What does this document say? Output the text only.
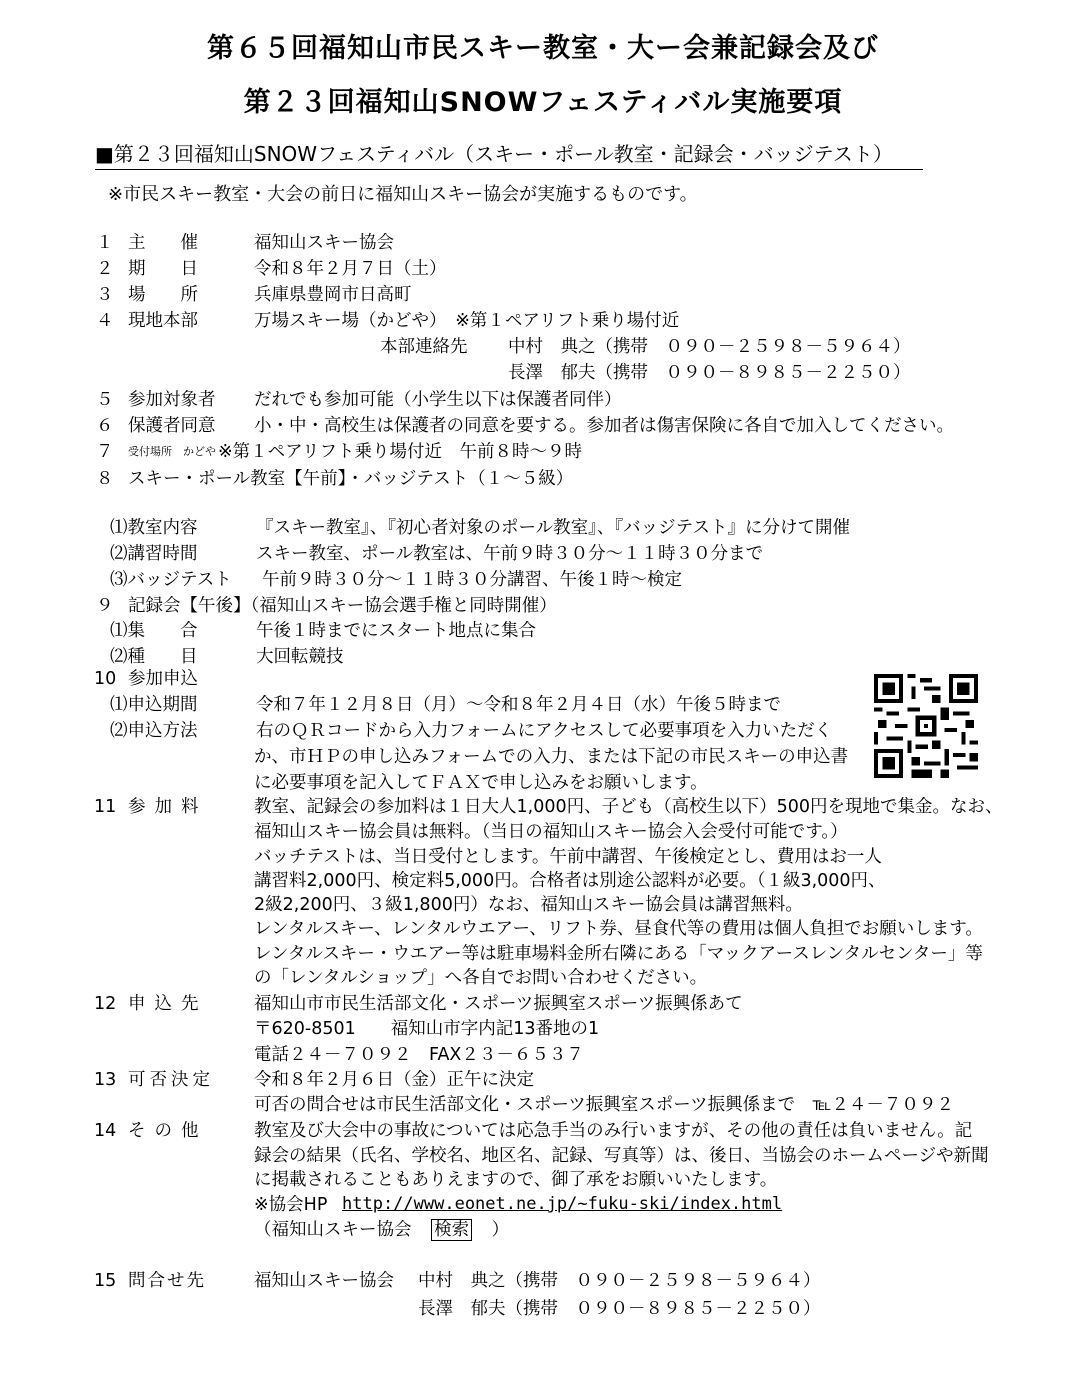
第６５回福知山市民スキー教室・大ー会兼記録会及び
第２３回福知山SNOWフェスティバル実施要項
■第２３回福知山SNOWフェスティバル（スキー・ポール教室・記録会・バッジテスト）
※市民スキー教室・大会の前日に福知山スキー協会が実施するものです。
１ 主　　催	福知山スキー協会
２ 期　　日	令和８年２月７日（土）
３ 場　　所	兵庫県豊岡市日高町
４ 現地本部	万場スキー場（かどや）　※第１ペアリフト乗り場付近
本部連絡先 中村　典之（携帯　０９０－２５９８－５９６４）
長澤　郁夫（携帯　０９０－８９８５－２２５０）
５ 参加対象者 だれでも参加可能（小学生以下は保護者同伴）
６ 保護者同意 小・中・高校生は保護者の同意を要する。参加者は傷害保険に各自で加入してください。
７ 受付場所　かどや ※第１ペアリフト乗り場付近　午前８時～９時
８ スキー・ポール教室【午前】・バッジテスト（１～５級）
⑴教室内容	『スキー教室』、『初心者対象のポール教室』、『バッジテスト』に分けて開催
⑵講習時間	スキー教室、ポール教室は、午前９時３０分～１１時３０分まで
⑶バッジテスト 午前９時３０分～１１時３０分講習、午後１時～検定
９ 記録会【午後】（福知山スキー協会選手権と同時開催）
⑴集　　合	午後１時までにスタート地点に集合
⑵種　　目	大回転競技
10 参加申込
⑴申込期間	令和７年１２月８日（月）～令和８年２月４日（水）午後５時まで
⑵申込方法	右のＱＲコードから入力フォームにアクセスして必要事項を入力いただく
か、市ＨＰの申し込みフォームでの入力、または下記の市民スキーの申込書
に必要事項を記入してＦＡＸで申し込みをお願いします。
11 参加料	教室、記録会の参加料は１日大人1,000円、子ども（高校生以下）500円を現地で集金。なお、
福知山スキー協会員は無料。（当日の福知山スキー協会入会受付可能です。）
バッチテストは、当日受付とします。午前中講習、午後検定とし、費用はお一人
講習料2,000円、検定料5,000円。合格者は別途公認料が必要。（１級3,000円、
2級2,200円、３級1,800円）なお、福知山スキー協会員は講習無料。
レンタルスキー、レンタルウエアー、リフト券、昼食代等の費用は個人負担でお願いします。
レンタルスキー・ウエアー等は駐車場料金所右隣にある「マックアースレンタルセンター」等
の「レンタルショップ」へ各自でお問い合わせください。
12 申込先	福知山市市民生活部文化・スポーツ振興室スポーツ振興係あて
〒620-8501　　福知山市字内記13番地の1
電話２４－７０９２　FAX２３－６５３７
13 可否決定 令和８年２月６日（金）正午に決定
可否の問合せは市民生活部文化・スポーツ振興室スポーツ振興係まで　℡２４－７０９２
14 その他	教室及び大会中の事故については応急手当のみ行いますが、その他の責任は負いません。記
録会の結果（氏名、学校名、地区名、記録、写真等）は、後日、当協会のホームページや新聞
に掲載されることもありえますので、御了承をお願いいたします。
※協会HP http://www.eonet.ne.jp/~fuku-ski/index.html
（福知山スキー協会 検索 ）
15 問合せ先	福知山スキー協会 中村　典之（携帯　０９０－２５９８－５９６４）
長澤　郁夫（携帯　０９０－８９８５－２２５０）
